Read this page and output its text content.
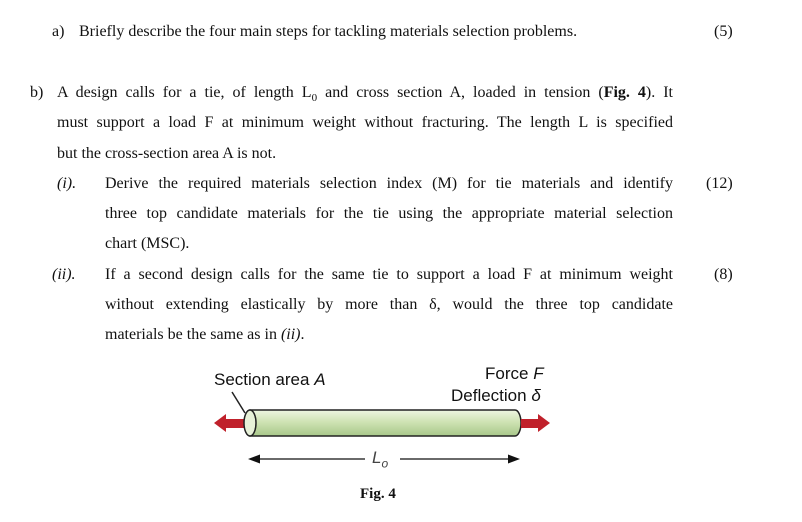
a) Briefly describe the four main steps for tackling materials selection problems.	(5)
b) A design calls for a tie, of length $L_0$ and cross section A, loaded in tension (Fig. 4). It
must support a load F at minimum weight without fracturing. The length L is specified
but the cross-section area A is not.
(i). Derive the required materials selection index (M) for tie materials and identify
three top candidate materials for the tie using the appropriate material selection
chart (MSC).
(12)
(ii). If a second design calls for the same tie to support a load F at minimum weight
without extending elastically by more than δ, would the three top candidate
materials be the same as in (ii).
(8)
Section area A	Force F
Deflection δ
$L_o$
Fig. 4
